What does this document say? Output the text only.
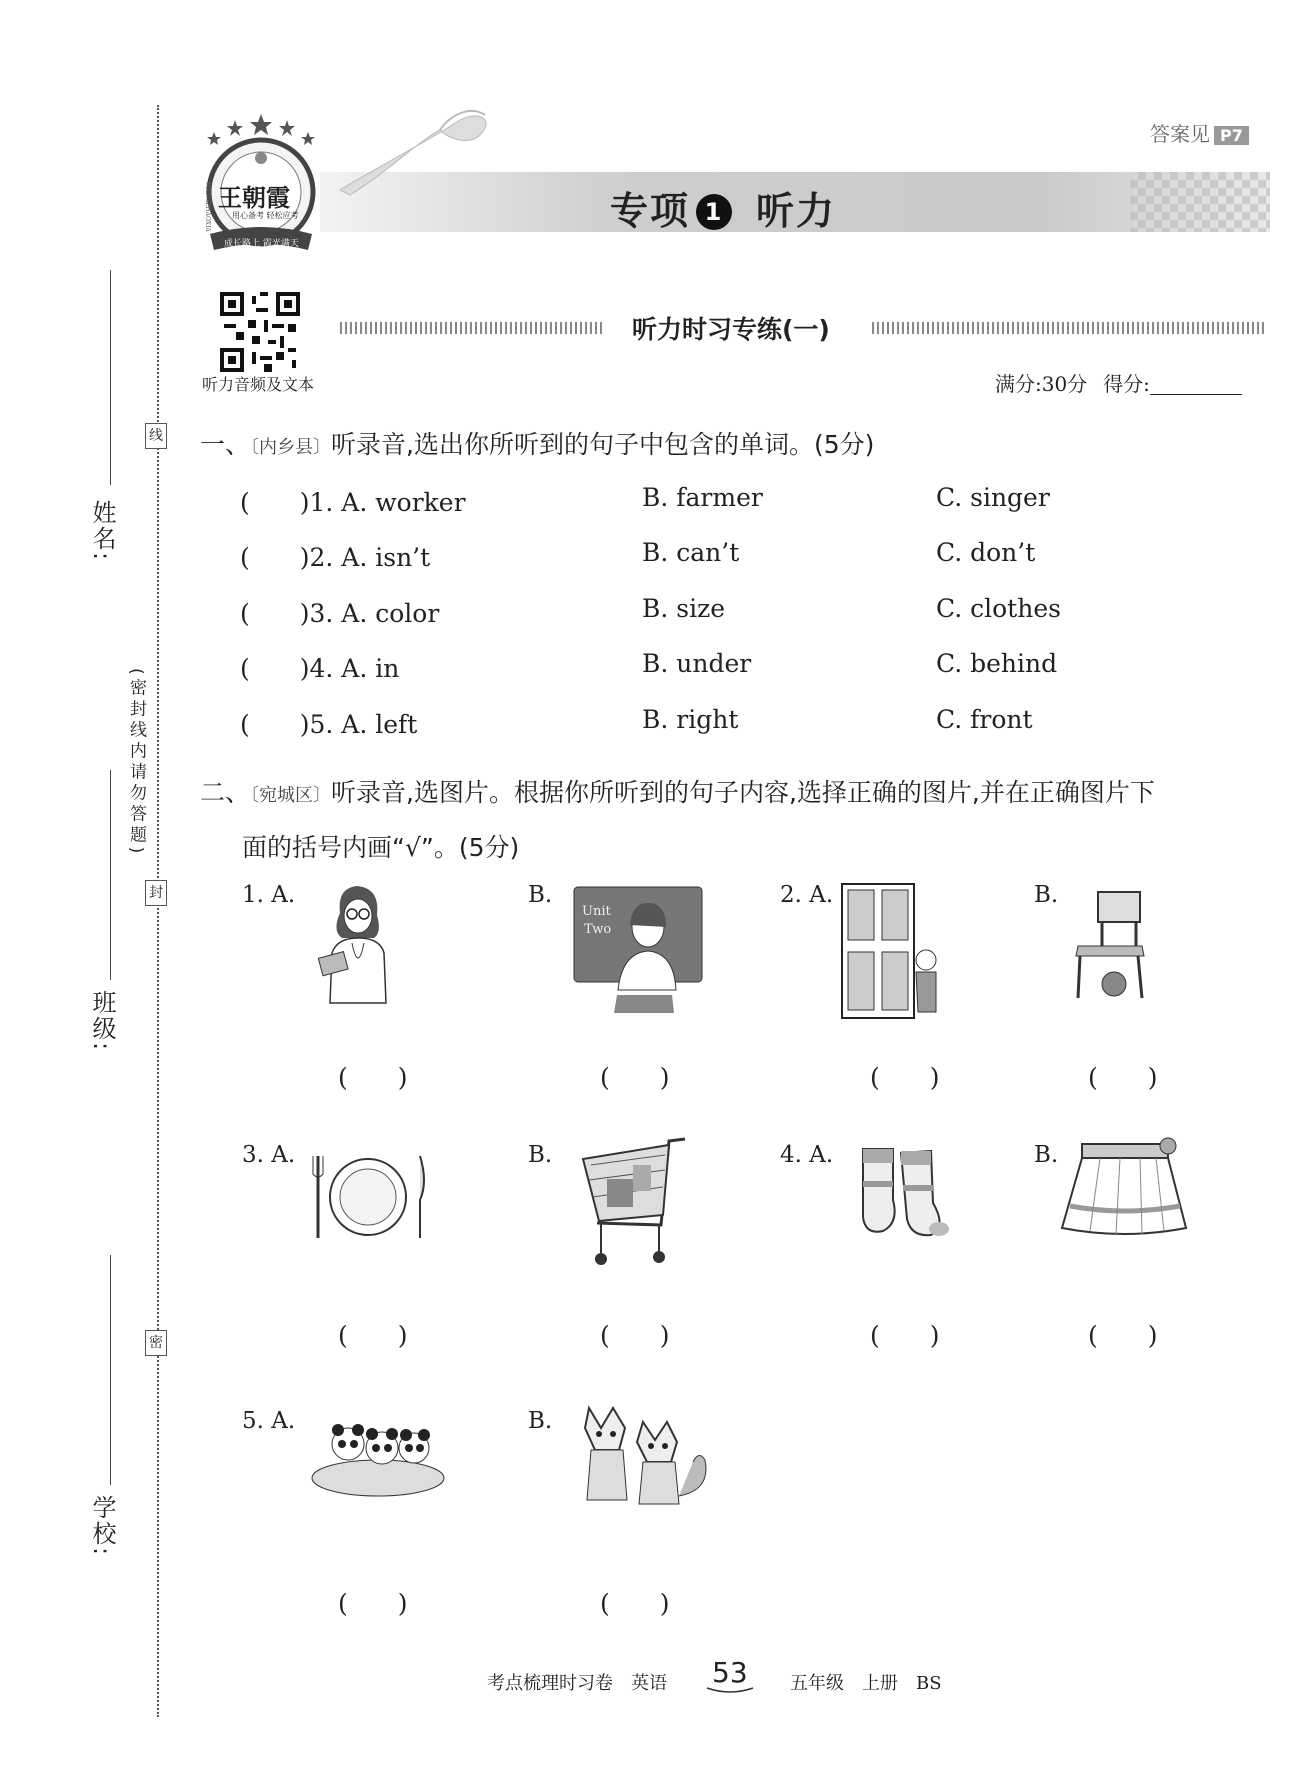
姓名:
班级:
学校:
线
封
密
(密封线内请勿答题)
王朝霞
用心备考 轻松应考
成长路上 霞光满天
WANGZHAOXIA	专项 1 听力
答案见 P7
听力音频及文本
听力时习专练(一)
满分:30分 得分:
一、〔内乡县〕听录音,选出你所听到的句子中包含的单词。(5分)
(　　)1. A. worker	B. farmer	C. singer
(　　)2. A. isn’t	B. can’t	C. don’t
(　　)3. A. color	B. size	C. clothes
(　　)4. A. in	B. under	C. behind
(　　)5. A. left	B. right	C. front
二、〔宛城区〕听录音,选图片。根据你所听到的句子内容,选择正确的图片,并在正确图片下
面的括号内画“√”。(5分)
1. A.	B.	2. A.	B.
Unit
Two
(　　)	(　　)	(　　)	(　　)
3. A.	B.	4. A.	B.
(　　)	(　　)	(　　)	(　　)
5. A.	B.
(　　)	(　　)
考点梳理时习卷　英语 53 五年级　上册　BS
